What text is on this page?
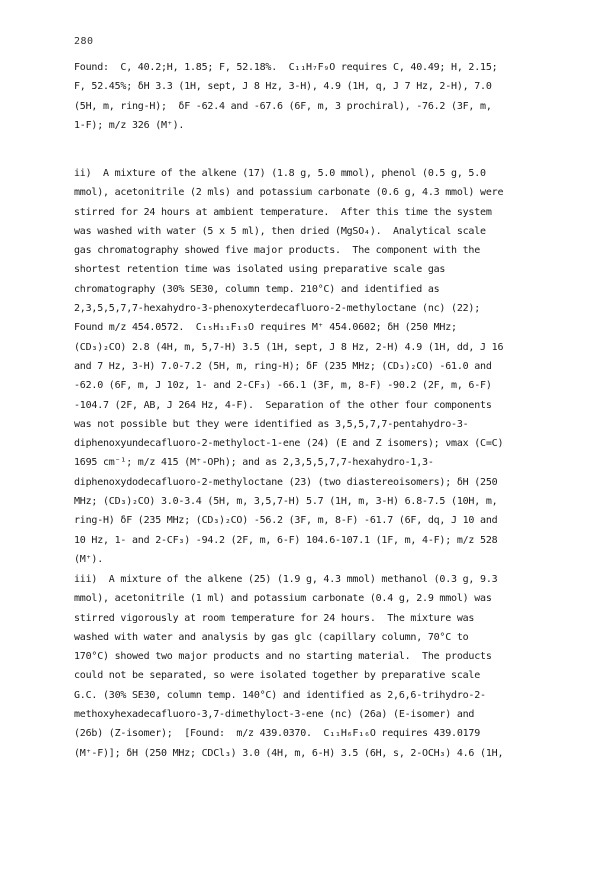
280
Found:  C, 40.2;H, 1.85; F, 52.18%.  C₁₁H₇F₉O requires C, 40.49; H, 2.15;
F, 52.45%; δH 3.3 (1H, sept, J 8 Hz, 3-H), 4.9 (1H, q, J 7 Hz, 2-H), 7.0
(5H, m, ring-H);  δF -62.4 and -67.6 (6F, m, 3 prochiral), -76.2 (3F, m,
1-F); m/z 326 (M⁺).
ii)  A mixture of the alkene (17) (1.8 g, 5.0 mmol), phenol (0.5 g, 5.0
mmol), acetonitrile (2 mls) and potassium carbonate (0.6 g, 4.3 mmol) were
stirred for 24 hours at ambient temperature.  After this time the system
was washed with water (5 x 5 ml), then dried (MgSO₄).  Analytical scale
gas chromatography showed five major products.  The component with the
shortest retention time was isolated using preparative scale gas
chromatography (30% SE30, column temp. 210°C) and identified as
2,3,5,5,7,7-hexahydro-3-phenoxyterdecafluoro-2-methyloctane (nc) (22);
Found m/z 454.0572.  C₁₅H₁₁F₁₃O requires M⁺ 454.0602; δH (250 MHz;
(CD₃)₂CO) 2.8 (4H, m, 5,7-H) 3.5 (1H, sept, J 8 Hz, 2-H) 4.9 (1H, dd, J 16
and 7 Hz, 3-H) 7.0-7.2 (5H, m, ring-H); δF (235 MHz; (CD₃)₂CO) -61.0 and
-62.0 (6F, m, J 10z, 1- and 2-CF₃) -66.1 (3F, m, 8-F) -90.2 (2F, m, 6-F)
-104.7 (2F, AB, J 264 Hz, 4-F).  Separation of the other four components
was not possible but they were identified as 3,5,5,7,7-pentahydro-3-
diphenoxyundecafluoro-2-methyloct-1-ene (24) (E and Z isomers); νmax (C=C)
1695 cm⁻¹; m/z 415 (M⁺-OPh); and as 2,3,5,5,7,7-hexahydro-1,3-
diphenoxydodecafluoro-2-methyloctane (23) (two diastereoisomers); δH (250
MHz; (CD₃)₂CO) 3.0-3.4 (5H, m, 3,5,7-H) 5.7 (1H, m, 3-H) 6.8-7.5 (10H, m,
ring-H) δF (235 MHz; (CD₃)₂CO) -56.2 (3F, m, 8-F) -61.7 (6F, dq, J 10 and
10 Hz, 1- and 2-CF₃) -94.2 (2F, m, 6-F) 104.6-107.1 (1F, m, 4-F); m/z 528
(M⁺).
iii)  A mixture of the alkene (25) (1.9 g, 4.3 mmol) methanol (0.3 g, 9.3
mmol), acetonitrile (1 ml) and potassium carbonate (0.4 g, 2.9 mmol) was
stirred vigorously at room temperature for 24 hours.  The mixture was
washed with water and analysis by gas glc (capillary column, 70°C to
170°C) showed two major products and no starting material.  The products
could not be separated, so were isolated together by preparative scale
G.C. (30% SE30, column temp. 140°C) and identified as 2,6,6-trihydro-2-
methoxyhexadecafluoro-3,7-dimethyloct-3-ene (nc) (26a) (E-isomer) and
(26b) (Z-isomer);  [Found:  m/z 439.0370.  C₁₁H₆F₁₆O requires 439.0179
(M⁺-F)]; δH (250 MHz; CDCl₃) 3.0 (4H, m, 6-H) 3.5 (6H, s, 2-OCH₃) 4.6 (1H,
